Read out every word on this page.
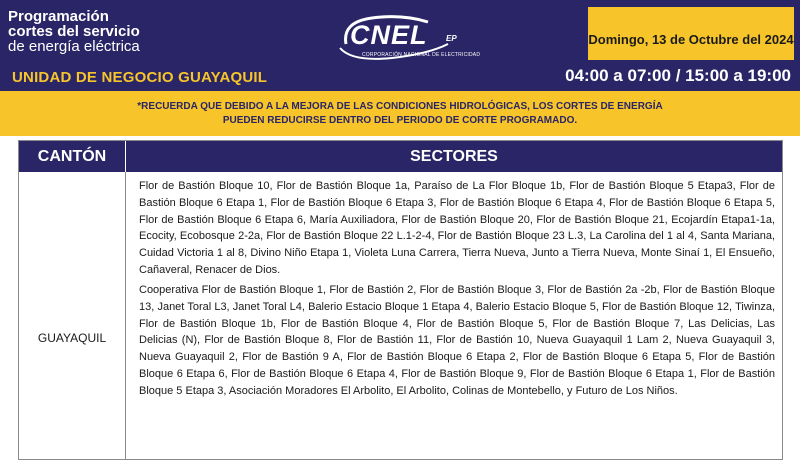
Programación
cortes del servicio
de energía eléctrica
UNIDAD DE NEGOCIO GUAYAQUIL
CNEL EP
CORPORACIÓN NACIONAL DE ELECTRICIDAD
Domingo, 13 de Octubre del 2024
04:00 a 07:00 / 15:00 a 19:00
*RECUERDA QUE DEBIDO A LA MEJORA DE LAS CONDICIONES HIDROLÓGICAS, LOS CORTES DE ENERGÍA
PUEDEN REDUCIRSE DENTRO DEL PERIODO DE CORTE PROGRAMADO.
CANTÓN	SECTORES
GUAYAQUIL
Flor de Bastión Bloque 10, Flor de Bastión Bloque 1a, Paraíso de La Flor Bloque 1b, Flor de Bastión Bloque 5 Etapa3, Flor de Bastión Bloque 6 Etapa 1, Flor de Bastión Bloque 6 Etapa 3, Flor de Bastión Bloque 6 Etapa 4, Flor de Bastión Bloque 6 Etapa 5, Flor de Bastión Bloque 6 Etapa 6, María Auxiliadora, Flor de Bastión Bloque 20, Flor de Bastión Bloque 21, Ecojardín Etapa1-1a, Ecocity, Ecobosque 2-2a, Flor de Bastión Bloque 22 L.1-2-4, Flor de Bastión Bloque 23 L.3, La Carolina del 1 al 4, Santa Mariana, Cuidad Victoria 1 al 8, Divino Niño Etapa 1, Violeta Luna Carrera, Tierra Nueva, Junto a Tierra Nueva, Monte Sinaí 1, El Ensueño, Cañaveral, Renacer de Dios.
Cooperativa Flor de Bastión Bloque 1, Flor de Bastión 2, Flor de Bastión Bloque 3, Flor de Bastión 2a -2b, Flor de Bastión Bloque 13, Janet Toral L3, Janet Toral L4, Balerio Estacio Bloque 1 Etapa 4, Balerio Estacio Bloque 5, Flor de Bastión Bloque 12, Tiwinza, Flor de Bastión Bloque 1b, Flor de Bastión Bloque 4, Flor de Bastión Bloque 5, Flor de Bastión Bloque 7, Las Delicias, Las Delicias (N), Flor de Bastión Bloque 8, Flor de Bastión 11, Flor de Bastión 10, Nueva Guayaquil 1 Lam 2, Nueva Guayaquil 3, Nueva Guayaquil 2, Flor de Bastión 9 A, Flor de Bastión Bloque 6 Etapa 2, Flor de Bastión Bloque 6 Etapa 5, Flor de Bastión Bloque 6 Etapa 6, Flor de Bastión Bloque 6 Etapa 4, Flor de Bastión Bloque 9, Flor de Bastión Bloque 6 Etapa 1, Flor de Bastión Bloque 5 Etapa 3, Asociación Moradores El Arbolito, El Arbolito, Colinas de Montebello, y Futuro de Los Niños.
